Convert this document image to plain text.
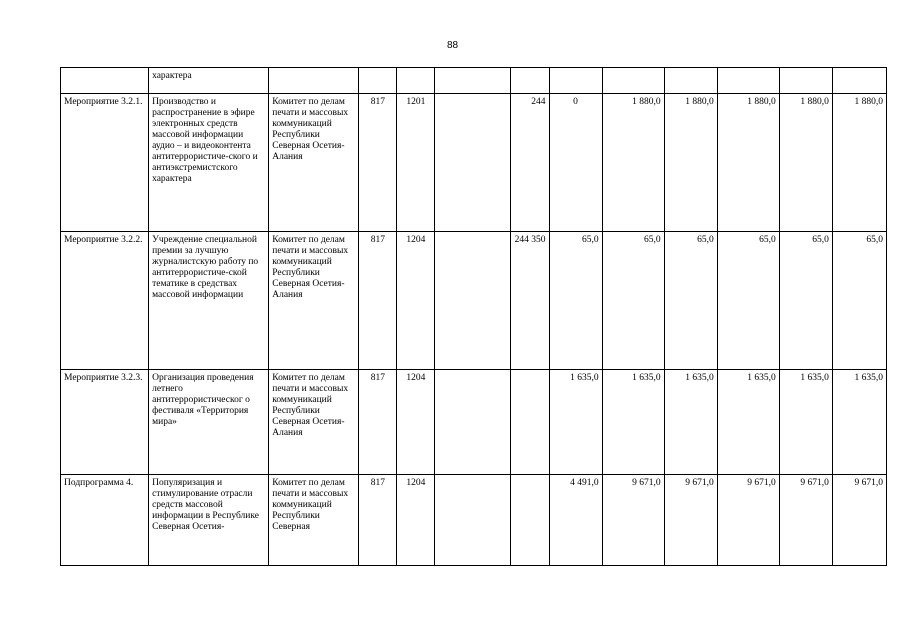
88
	характера											
Мероприятие 3.2.1.	Производство и распространение в эфире электронных средств массовой информации аудио – и видеоконтента антитеррористиче-ского и антиэкстремистского характера	Комитет по делам печати и массовых коммуникаций Республики Северная Осетия-Алания	817	1201		244	0	1 880,0	1 880,0	1 880,0	1 880,0	1 880,0
Мероприятие 3.2.2.	Учреждение специальной премии за лучшую журналистскую работу по антитеррористиче-ской тематике в средствах массовой информации	Комитет по делам печати и массовых коммуникаций Республики Северная Осетия-Алания	817	1204		244 350	65,0	65,0	65,0	65,0	65,0	65,0
Мероприятие 3.2.3.	Организация проведения летнего антитеррористическог о фестиваля «Территория мира»	Комитет по делам печати и массовых коммуникаций Республики Северная Осетия-Алания	817	1204			1 635,0	1 635,0	1 635,0	1 635,0	1 635,0	1 635,0
Подпрограмма 4.	Популяризация и стимулирование отрасли средств массовой информации в Республике Северная Осетия-	Комитет по делам печати и массовых коммуникаций Республики Северная	817	1204			4 491,0	9 671,0	9 671,0	9 671,0	9 671,0	9 671,0
